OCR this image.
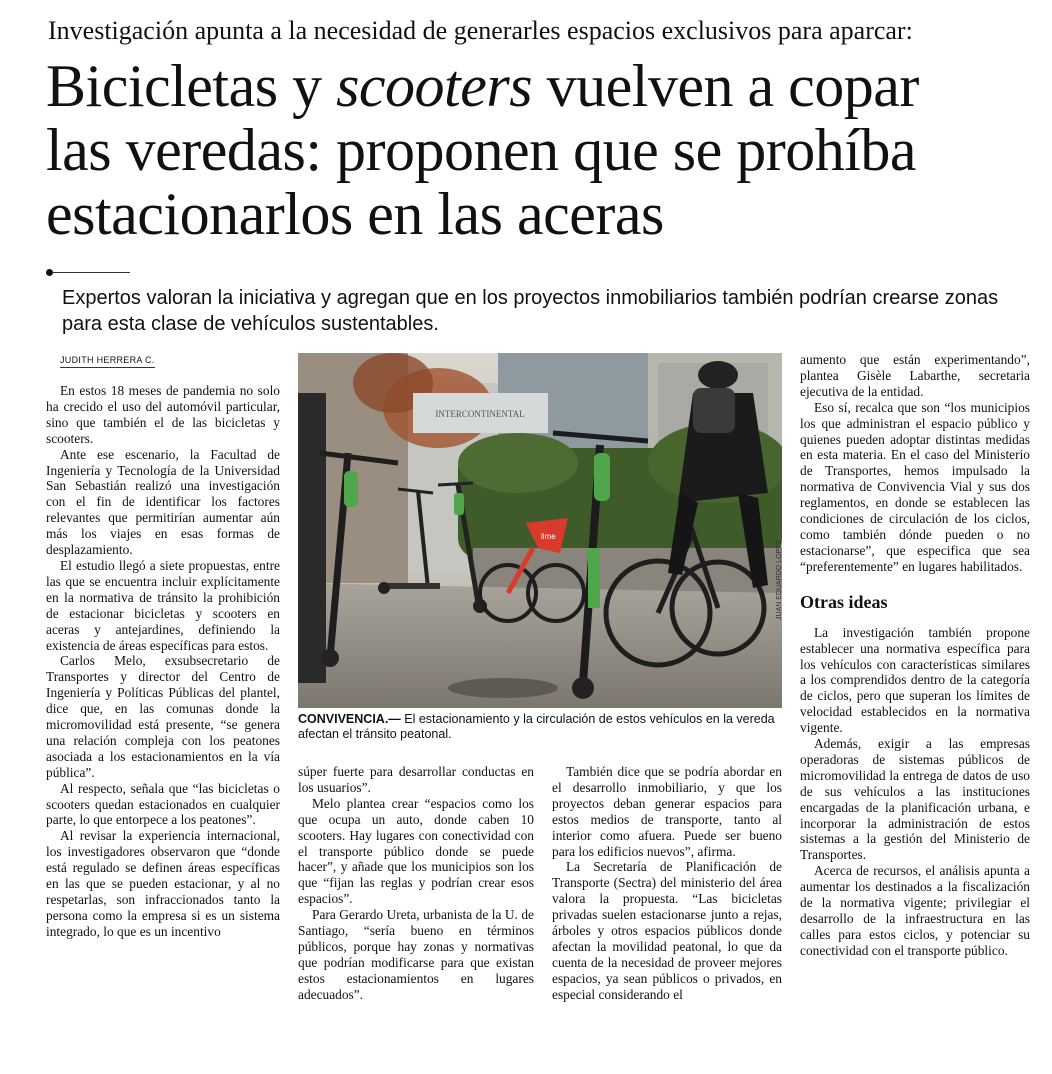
Investigación apunta a la necesidad de generarles espacios exclusivos para aparcar:
Bicicletas y scooters vuelven a copar
las veredas: proponen que se prohíba
estacionarlos en las aceras
Expertos valoran la iniciativa y agregan que en los proyectos inmobiliarios también podrían crearse zonas para esta clase de vehículos sustentables.
JUDITH HERRERA C.

En estos 18 meses de pandemia no solo ha crecido el uso del automóvil particular, sino que también el de las bicicletas y scooters.

Ante ese escenario, la Facultad de Ingeniería y Tecnología de la Universidad San Sebastián realizó una investigación con el fin de identificar los factores relevantes que permitirían aumentar aún más los viajes en esas formas de desplazamiento.

El estudio llegó a siete propuestas, entre las que se encuentra incluir explícitamente en la normativa de tránsito la prohibición de estacionar bicicletas y scooters en aceras y antejardines, definiendo la existencia de áreas específicas para estos.

Carlos Melo, exsubsecretario de Transportes y director del Centro de Ingeniería y Políticas Públicas del plantel, dice que, en las comunas donde la micromovilidad está presente, “se genera una relación compleja con los peatones asociada a los estacionamientos en la vía pública”.

Al respecto, señala que “las bicicletas o scooters quedan estacionados en cualquier parte, lo que entorpece a los peatones”.

Al revisar la experiencia internacional, los investigadores observaron que “donde está regulado se definen áreas específicas en las que se pueden estacionar, y al no respetarlas, son infraccionados tanto la persona como la empresa si es un sistema integrado, lo que es un incentivo

INTERCONTINENTAL
lime
JUAN EDUARDO LÓPEZ
CONVIVENCIA.— El estacionamiento y la circulación de estos vehículos en la vereda afectan el tránsito peatonal.

súper fuerte para desarrollar conductas en los usuarios”.

Melo plantea crear “espacios como los que ocupa un auto, donde caben 10 scooters. Hay lugares con conectividad con el transporte público donde se puede hacer”, y añade que los municipios son los que “fijan las reglas y podrían crear esos espacios”.

Para Gerardo Ureta, urbanista de la U. de Santiago, “sería bueno en términos públicos, porque hay zonas y normativas que podrían modificarse para que existan estos estacionamientos en lugares adecuados”.

También dice que se podría abordar en el desarrollo inmobiliario, y que los proyectos deban generar espacios para estos medios de transporte, tanto al interior como afuera. Puede ser bueno para los edificios nuevos”, afirma.

La Secretaría de Planificación de Transporte (Sectra) del ministerio del área valora la propuesta. “Las bicicletas privadas suelen estacionarse junto a rejas, árboles y otros espacios públicos donde afectan la movilidad peatonal, lo que da cuenta de la necesidad de proveer mejores espacios, ya sean públicos o privados, en especial considerando el

aumento que están experimentando”, plantea Gisèle Labarthe, secretaria ejecutiva de la entidad.

Eso sí, recalca que son “los municipios los que administran el espacio público y quienes pueden adoptar distintas medidas en esta materia. En el caso del Ministerio de Transportes, hemos impulsado la normativa de Convivencia Vial y sus dos reglamentos, en donde se establecen las condiciones de circulación de los ciclos, como también dónde pueden o no estacionarse”, que especifica que sea “preferentemente” en lugares habilitados.

Otras ideas

La investigación también propone establecer una normativa específica para los vehículos con características similares a los comprendidos dentro de la categoría de ciclos, pero que superan los límites de velocidad establecidos en la normativa vigente.

Además, exigir a las empresas operadoras de sistemas públicos de micromovilidad la entrega de datos de uso de sus vehículos a las instituciones encargadas de la planificación urbana, e incorporar la administración de estos sistemas a la gestión del Ministerio de Transportes.

Acerca de recursos, el análisis apunta a aumentar los destinados a la fiscalización de la normativa vigente; privilegiar el desarrollo de la infraestructura en las calles para estos ciclos, y potenciar su conectividad con el transporte público.
